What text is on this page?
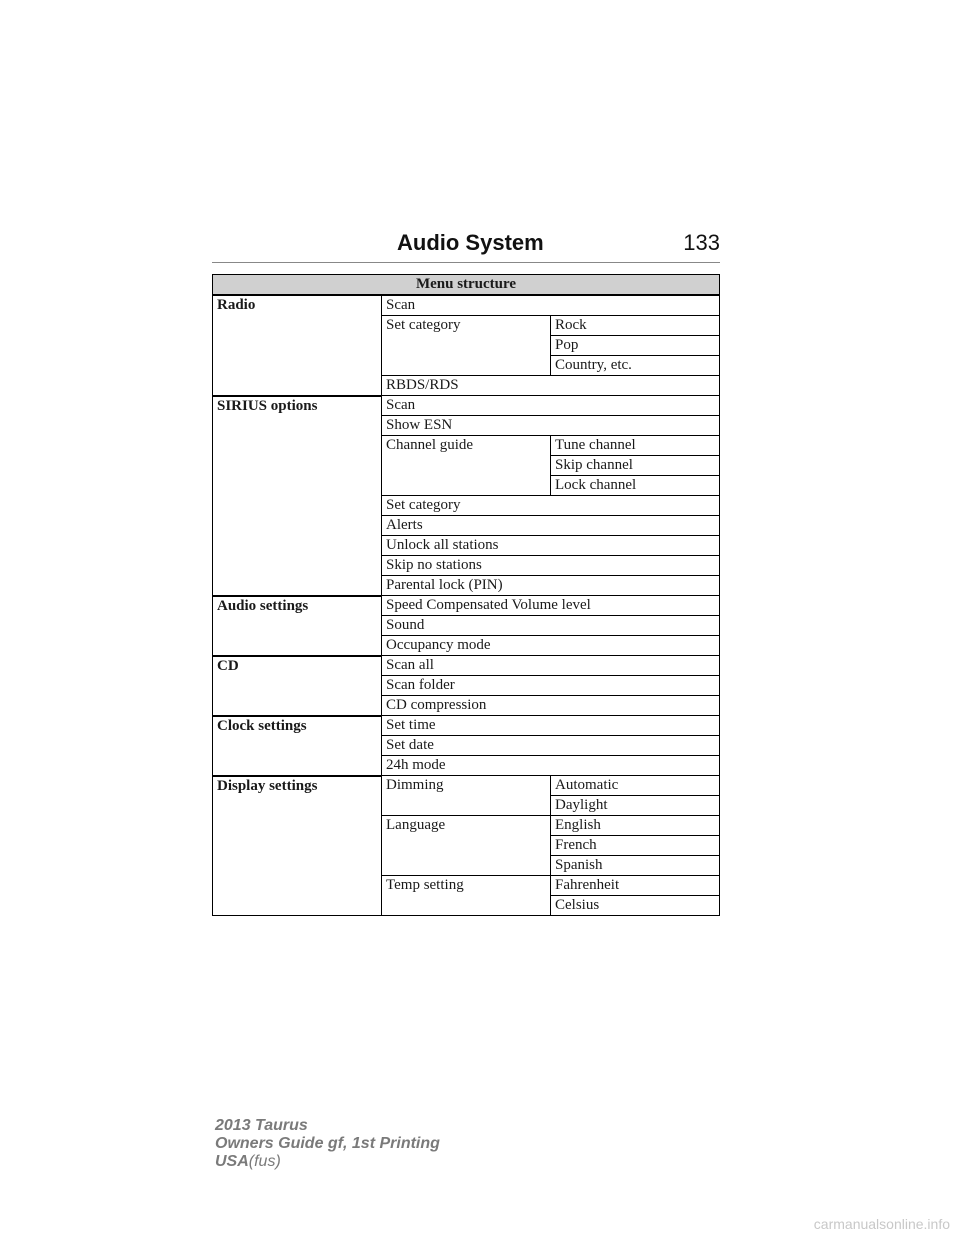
Audio System	133
Menu structure		
Radio	Scan	
	Set category	Rock
		Pop
		Country, etc.
	RBDS/RDS	
SIRIUS options	Scan	
	Show ESN	
	Channel guide	Tune channel
		Skip channel
		Lock channel
	Set category	
	Alerts	
	Unlock all stations	
	Skip no stations	
	Parental lock (PIN)	
Audio settings	Speed Compensated Volume level	
	Sound	
	Occupancy mode	
CD	Scan all	
	Scan folder	
	CD compression	
Clock settings	Set time	
	Set date	
	24h mode	
Display settings	Dimming	Automatic
		Daylight
	Language	English
		French
		Spanish
	Temp setting	Fahrenheit
		Celsius
2013 Taurus
Owners Guide gf, 1st Printing
USA(fus)
carmanualsonline.info
